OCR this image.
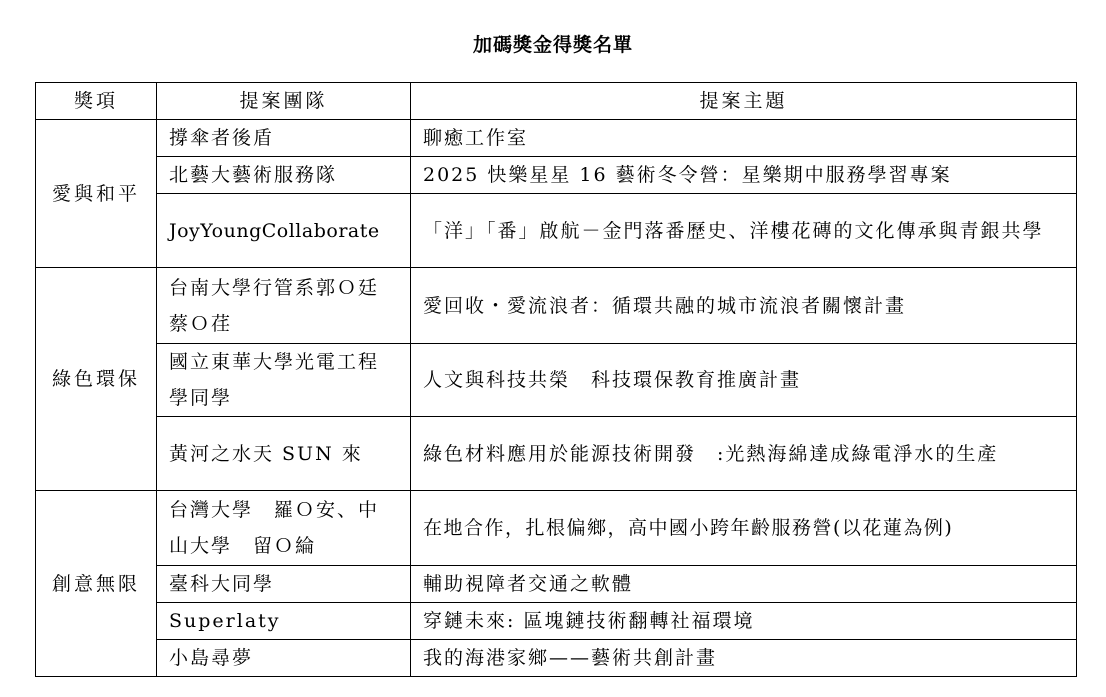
加碼獎金得獎名單
獎項	提案團隊	提案主題
愛與和平	撐傘者後盾	聊癒工作室
	北藝大藝術服務隊	2025 快樂星星 16 藝術冬令營：星樂期中服務學習專案
	JoyYoungCollaborate	「洋」「番」啟航－金門落番歷史、洋樓花磚的文化傳承與青銀共學
綠色環保	台南大學行管系郭Ｏ廷　蔡Ｏ荏	愛回收・愛流浪者：循環共融的城市流浪者關懷計畫
	國立東華大學光電工程學同學	人文與科技共榮　科技環保教育推廣計畫
	黃河之水天 SUN 來	綠色材料應用於能源技術開發　:光熱海綿達成綠電淨水的生產
創意無限	台灣大學　羅Ｏ安、中山大學　留Ｏ綸	在地合作，扎根偏鄉，高中國小跨年齡服務營(以花蓮為例)
	臺科大同學	輔助視障者交通之軟體
	Superlaty	穿鏈未來: 區塊鏈技術翻轉社福環境
	小島尋夢	我的海港家鄉——藝術共創計畫
